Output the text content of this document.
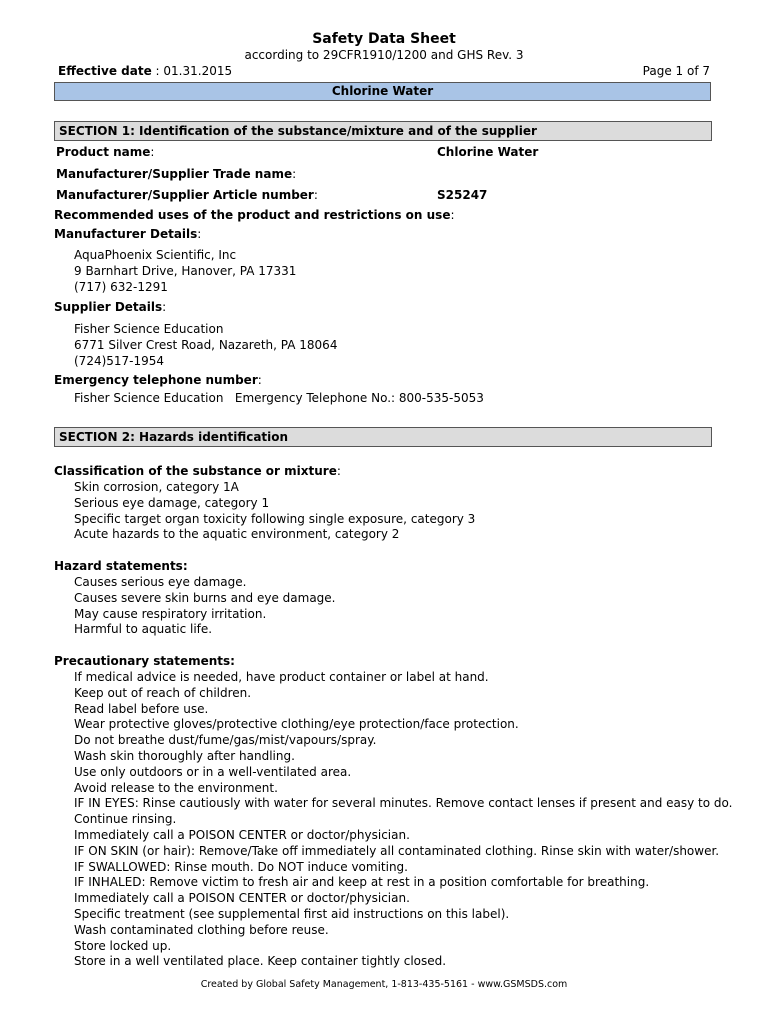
Safety Data Sheet
according to 29CFR1910/1200 and GHS Rev. 3
Effective date : 01.31.2015	Page 1 of 7
Chlorine Water
SECTION 1: Identification of the substance/mixture and of the supplier
Product name:	Chlorine Water
Manufacturer/Supplier Trade name:
Manufacturer/Supplier Article number:	S25247
Recommended uses of the product and restrictions on use:
Manufacturer Details:
AquaPhoenix Scientific, Inc
9 Barnhart Drive, Hanover, PA 17331
(717) 632-1291
Supplier Details:
Fisher Science Education
6771 Silver Crest Road, Nazareth, PA 18064
(724)517-1954
Emergency telephone number:
Fisher Science Education   Emergency Telephone No.: 800-535-5053
SECTION 2: Hazards identification
Classification of the substance or mixture:
Skin corrosion, category 1A
Serious eye damage, category 1
Specific target organ toxicity following single exposure, category 3
Acute hazards to the aquatic environment, category 2
Hazard statements:
Causes serious eye damage.
Causes severe skin burns and eye damage.
May cause respiratory irritation.
Harmful to aquatic life.
Precautionary statements:
If medical advice is needed, have product container or label at hand.
Keep out of reach of children.
Read label before use.
Wear protective gloves/protective clothing/eye protection/face protection.
Do not breathe dust/fume/gas/mist/vapours/spray.
Wash skin thoroughly after handling.
Use only outdoors or in a well-ventilated area.
Avoid release to the environment.
IF IN EYES: Rinse cautiously with water for several minutes. Remove contact lenses if present and easy to do.
Continue rinsing.
Immediately call a POISON CENTER or doctor/physician.
IF ON SKIN (or hair): Remove/Take off immediately all contaminated clothing. Rinse skin with water/shower.
IF SWALLOWED: Rinse mouth. Do NOT induce vomiting.
IF INHALED: Remove victim to fresh air and keep at rest in a position comfortable for breathing.
Immediately call a POISON CENTER or doctor/physician.
Specific treatment (see supplemental first aid instructions on this label).
Wash contaminated clothing before reuse.
Store locked up.
Store in a well ventilated place. Keep container tightly closed.
Created by Global Safety Management, 1-813-435-5161 - www.GSMSDS.com
